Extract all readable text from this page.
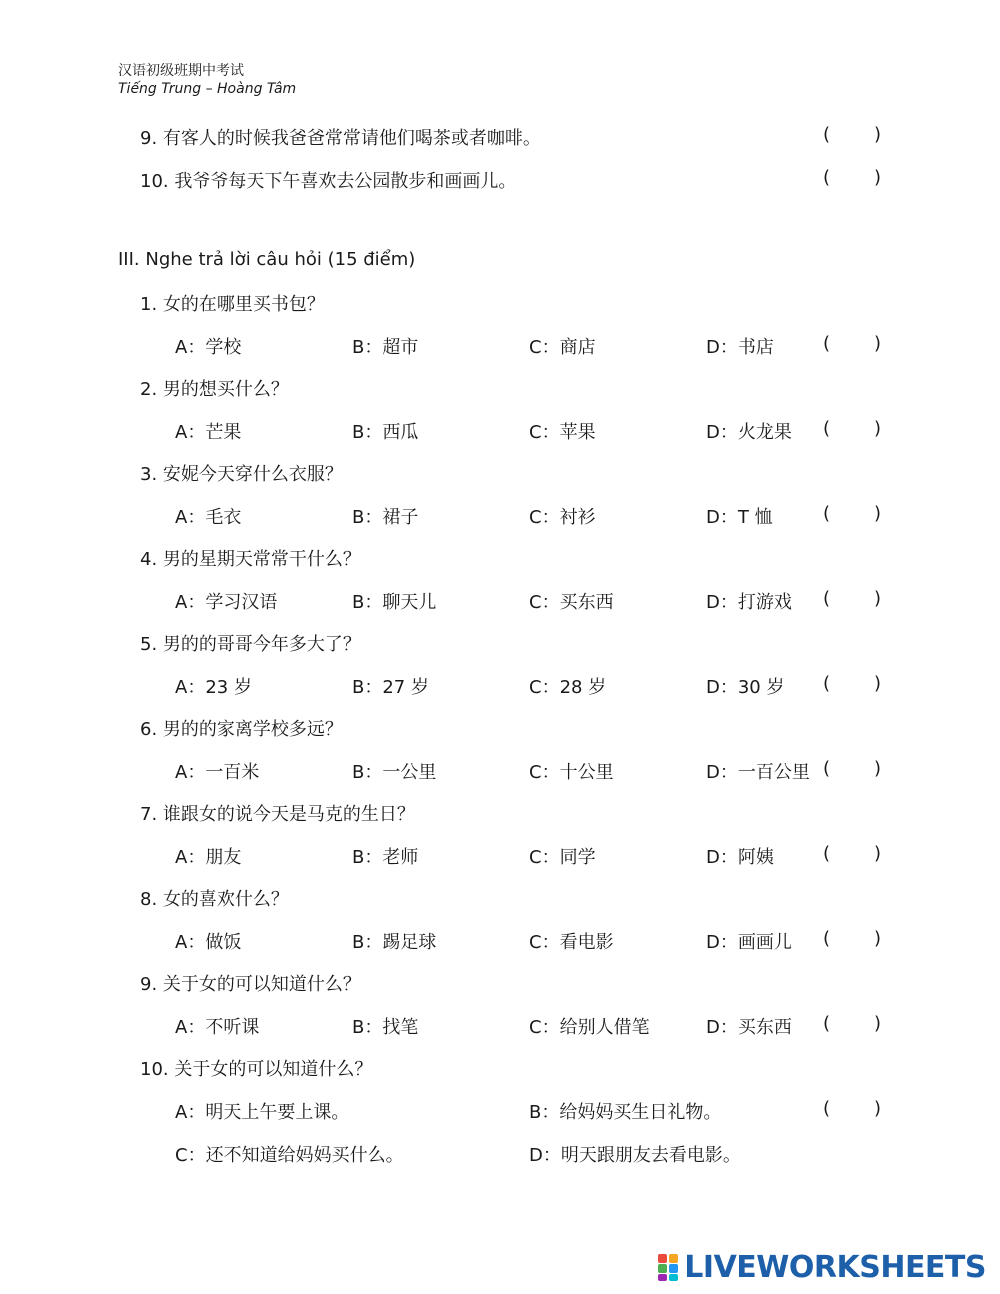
汉语初级班期中考试
Tiếng Trung – Hoàng Tâm
9. 有客人的时候我爸爸常常请他们喝茶或者咖啡。	( )
10. 我爷爷每天下午喜欢去公园散步和画画儿。	( )
III. Nghe trả lời câu hỏi (15 điểm)
1. 女的在哪里买书包？
A：学校	B：超市	C：商店	D：书店	( )
2. 男的想买什么？
A：芒果	B：西瓜	C：苹果	D：火龙果 ( )
3. 安妮今天穿什么衣服？
A：毛衣	B：裙子	C：衬衫	D：T 恤	( )
4. 男的星期天常常干什么？
A：学习汉语	B：聊天儿	C：买东西	D：打游戏 ( )
5. 男的的哥哥今年多大了？
A：23 岁	B：27 岁	C：28 岁	D：30 岁 ( )
6. 男的的家离学校多远？
A：一百米	B：一公里	C：十公里	D：一百公里 ( )
7. 谁跟女的说今天是马克的生日？
A：朋友	B：老师	C：同学	D：阿姨	( )
8. 女的喜欢什么？
A：做饭	B：踢足球	C：看电影	D：画画儿 ( )
9. 关于女的可以知道什么？
A：不听课	B：找笔	C：给别人借笔	D：买东西 ( )
10. 关于女的可以知道什么？
A：明天上午要上课。	B：给妈妈买生日礼物。	( )
C：还不知道给妈妈买什么。	D：明天跟朋友去看电影。
LIVEWORKSHEETS
